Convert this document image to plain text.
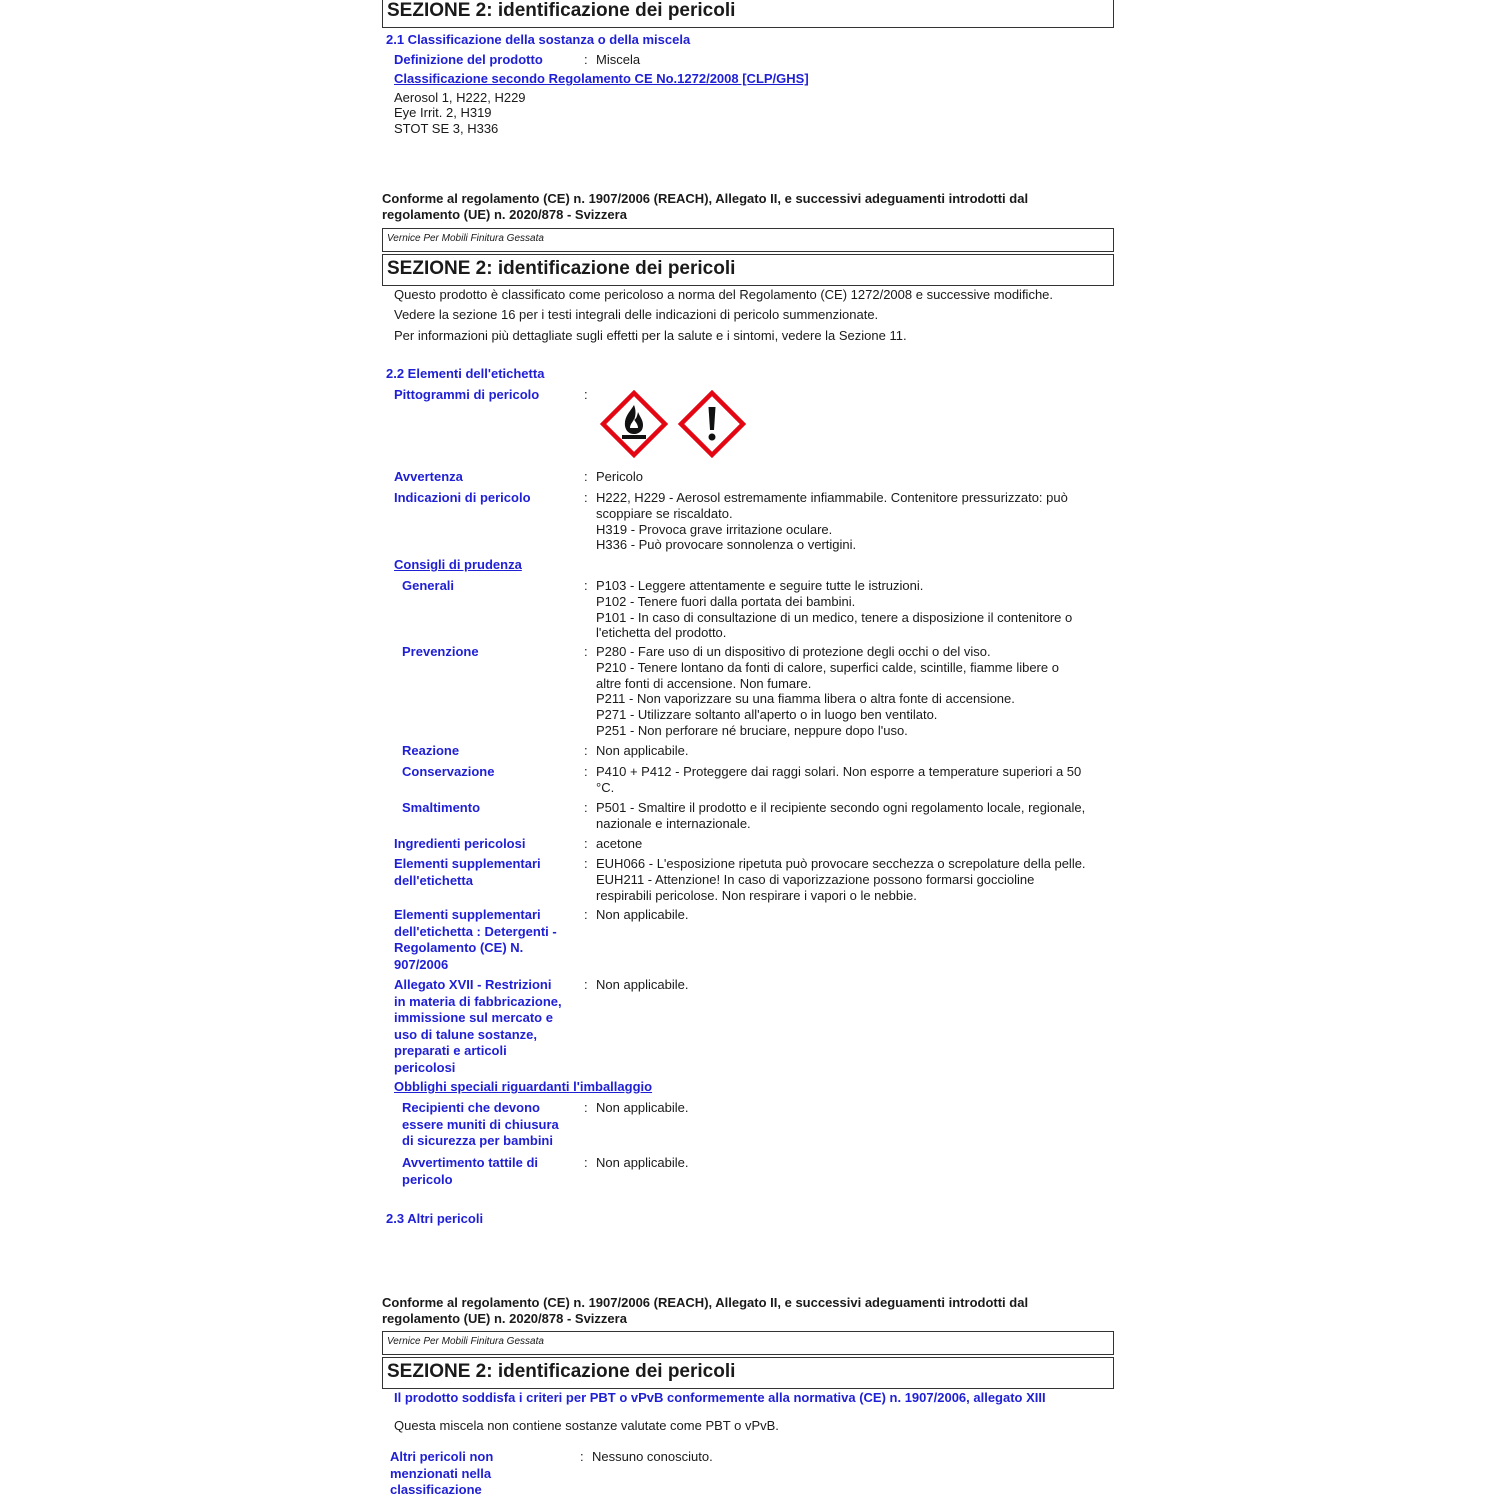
SEZIONE 2: identificazione dei pericoli
2.1 Classificazione della sostanza o della miscela
Definizione del prodotto	: Miscela
Classificazione secondo Regolamento CE No.1272/2008 [CLP/GHS]
Aerosol 1, H222, H229
Eye Irrit. 2, H319
STOT SE 3, H336
Conforme al regolamento (CE) n. 1907/2006 (REACH), Allegato II, e successivi adeguamenti introdotti dal
regolamento (UE) n. 2020/878 - Svizzera
Vernice Per Mobili Finitura Gessata
SEZIONE 2: identificazione dei pericoli
Questo prodotto è classificato come pericoloso a norma del Regolamento (CE) 1272/2008 e successive modifiche.
Vedere la sezione 16 per i testi integrali delle indicazioni di pericolo summenzionate.
Per informazioni più dettagliate sugli effetti per la salute e i sintomi, vedere la Sezione 11.
2.2 Elementi dell'etichetta
Pittogrammi di pericolo	:
Avvertenza	: Pericolo
Indicazioni di pericolo	: H222, H229 - Aerosol estremamente infiammabile. Contenitore pressurizzato: può
scoppiare se riscaldato.
H319 - Provoca grave irritazione oculare.
H336 - Può provocare sonnolenza o vertigini.
Consigli di prudenza
Generali	: P103 - Leggere attentamente e seguire tutte le istruzioni.
P102 - Tenere fuori dalla portata dei bambini.
P101 - In caso di consultazione di un medico, tenere a disposizione il contenitore o
l'etichetta del prodotto.
Prevenzione	: P280 - Fare uso di un dispositivo di protezione degli occhi o del viso.
P210 - Tenere lontano da fonti di calore, superfici calde, scintille, fiamme libere o
altre fonti di accensione. Non fumare.
P211 - Non vaporizzare su una fiamma libera o altra fonte di accensione.
P271 - Utilizzare soltanto all'aperto o in luogo ben ventilato.
P251 - Non perforare né bruciare, neppure dopo l'uso.
Reazione	: Non applicabile.
Conservazione	: P410 + P412 - Proteggere dai raggi solari. Non esporre a temperature superiori a 50
°C.
Smaltimento	: P501 - Smaltire il prodotto e il recipiente secondo ogni regolamento locale, regionale,
nazionale e internazionale.
Ingredienti pericolosi	: acetone
Elementi supplementari
dell'etichetta
: EUH066 - L'esposizione ripetuta può provocare secchezza o screpolature della pelle.
EUH211 - Attenzione! In caso di vaporizzazione possono formarsi goccioline
respirabili pericolose. Non respirare i vapori o le nebbie.
Elementi supplementari
dell'etichetta : Detergenti -
Regolamento (CE) N.
907/2006
: Non applicabile.
Allegato XVII - Restrizioni
in materia di fabbricazione,
immissione sul mercato e
uso di talune sostanze,
preparati e articoli
pericolosi
: Non applicabile.
Obblighi speciali riguardanti l'imballaggio
Recipienti che devono
essere muniti di chiusura
di sicurezza per bambini
: Non applicabile.
Avvertimento tattile di
pericolo
: Non applicabile.
2.3 Altri pericoli
Conforme al regolamento (CE) n. 1907/2006 (REACH), Allegato II, e successivi adeguamenti introdotti dal
regolamento (UE) n. 2020/878 - Svizzera
Vernice Per Mobili Finitura Gessata
SEZIONE 2: identificazione dei pericoli
Il prodotto soddisfa i criteri per PBT o vPvB conformemente alla normativa (CE) n. 1907/2006, allegato XIII
Questa miscela non contiene sostanze valutate come PBT o vPvB.
Altri pericoli non
menzionati nella
classificazione
: Nessuno conosciuto.
